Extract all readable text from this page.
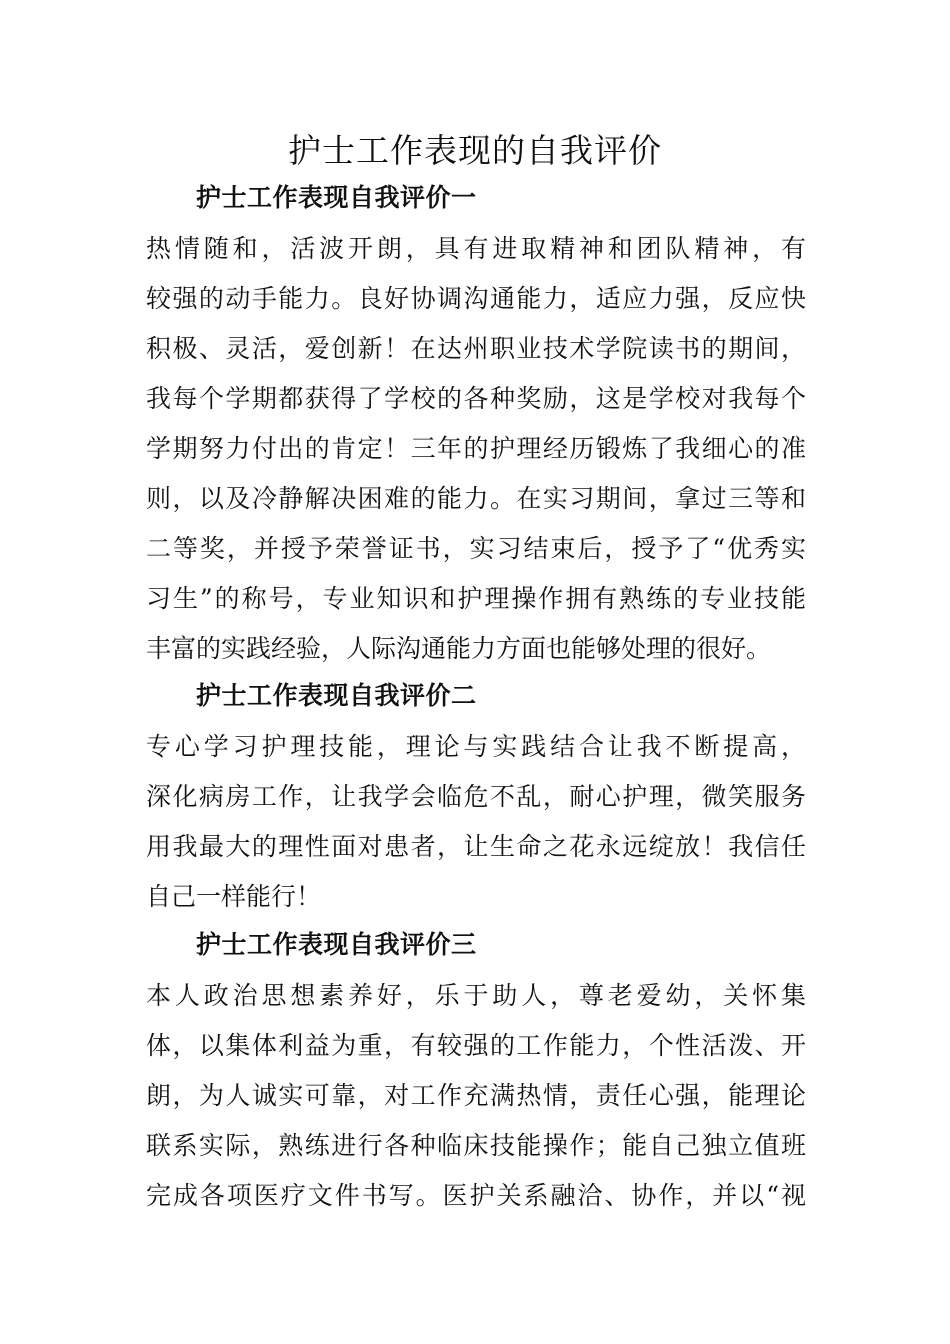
护士工作表现的自我评价
护士工作表现自我评价一
热情随和，活波开朗，具有进取精神和团队精神，有
较强的动手能力。良好协调沟通能力，适应力强，反应快
积极、灵活，爱创新！在达州职业技术学院读书的期间，
我每个学期都获得了学校的各种奖励，这是学校对我每个
学期努力付出的肯定！三年的护理经历锻炼了我细心的准
则，以及冷静解决困难的能力。在实习期间，拿过三等和
二等奖，并授予荣誉证书，实习结束后，授予了“优秀实
习生”的称号，专业知识和护理操作拥有熟练的专业技能
丰富的实践经验，人际沟通能力方面也能够处理的很好。
护士工作表现自我评价二
专心学习护理技能，理论与实践结合让我不断提高，
深化病房工作，让我学会临危不乱，耐心护理，微笑服务
用我最大的理性面对患者，让生命之花永远绽放！我信任
自己一样能行！
护士工作表现自我评价三
本人政治思想素养好，乐于助人，尊老爱幼，关怀集
体，以集体利益为重，有较强的工作能力，个性活泼、开
朗，为人诚实可靠，对工作充满热情，责任心强，能理论
联系实际，熟练进行各种临床技能操作；能自己独立值班
完成各项医疗文件书写。医护关系融洽、协作，并以“视
